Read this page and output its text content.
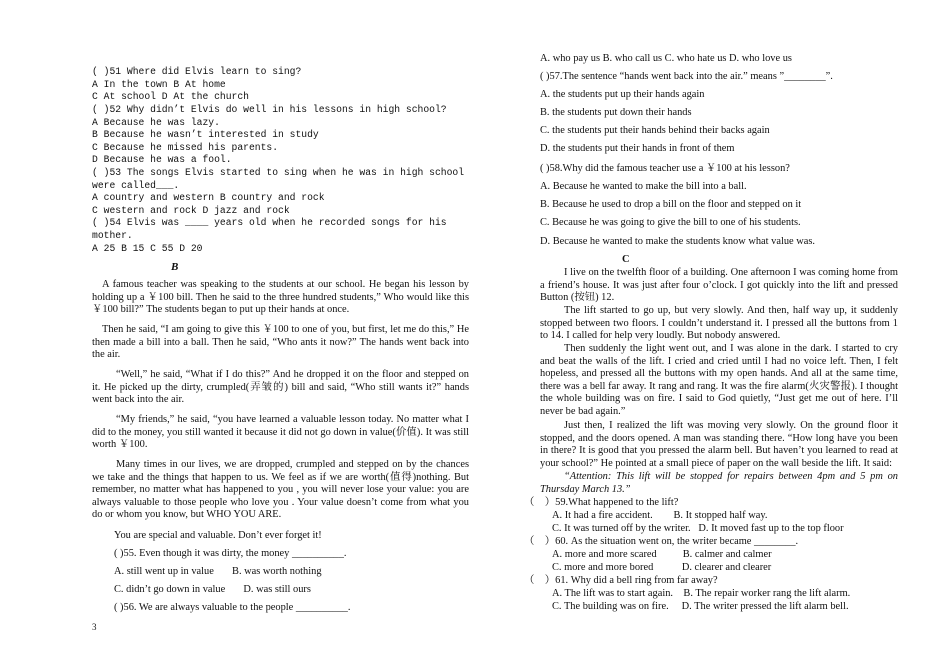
( )51 Where did Elvis learn to sing?
A In the town B At home
C At school D At the church
( )52 Why didn’t Elvis do well in his lessons in high school?
A Because he was lazy.
B Because he wasn’t interested in study
C Because he missed his parents.
D Because he was a fool.
( )53 The songs Elvis started to sing when he was in high school
were called___.
A country and western B country and rock
C western and rock D jazz and rock
( )54 Elvis was ____ years old when he recorded songs for his
mother.
A 25 B 15 C 55 D 20
B
A famous teacher was speaking to the students at our school. He began his lesson by holding up a ￥100 bill. Then he said to the three hundred students,” Who would like this ￥100 bill?” The students began to put up their hands at once.
Then he said, “I am going to give this ￥100 to one of you, but first, let me do this,” He then made a bill into a ball. Then he said, “Who ants it now?” The hands went back into the air.
“Well,” he said, “What if I do this?” And he dropped it on the floor and stepped on it. He picked up the dirty, crumpled(弄皱的) bill and said, “Who still wants it?” hands went back into the air.
“My friends,” he said, “you have learned a valuable lesson today. No matter what I did to the money, you still wanted it because it did not go down in value(价值). It was still worth ￥100.
Many times in our lives, we are dropped, crumpled and stepped on by the chances we take and the things that happen to us. We feel as if we are worth(值得)nothing. But remember, no matter what has happened to you , you will never lose your value: you are always valuable to those people who love you . Your value doesn’t come from what you do or whom you know, but WHO YOU ARE.
You are special and valuable. Don’t ever forget it!
( )55. Even though it was dirty, the money __________.
A. still went up in value       B. was worth nothing
C. didn’t go down in value       D. was still ours
( )56. We are always valuable to the people __________.
3
A. who pay us B. who call us C. who hate us D. who love us
( )57.The sentence “hands went back into the air.” means ”________”.
A. the students put up their hands again
B. the students put down their hands
C. the students put their hands behind their backs again
D. the students put their hands in front of them
( )58.Why did the famous teacher use a ￥100 at his lesson?
A. Because he wanted to make the bill into a ball.
B. Because he used to drop a bill on the floor and stepped on it
C. Because he was going to give the bill to one of his students.
D. Because he wanted to make the students know what value was.
C
I live on the twelfth floor of a building. One afternoon I was coming home from a friend’s house. It was just after four o’clock. I got quickly into the lift and pressed Button (按钮) 12.
The lift started to go up, but very slowly. And then, half way up, it suddenly stopped between two floors. I couldn’t understand it. I pressed all the buttons from 1 to 14. I called for help very loudly. But nobody answered.
Then suddenly the light went out, and I was alone in the dark. I started to cry and beat the walls of the lift. I cried and cried until I had no voice left. Then, I felt hopeless, and pressed all the buttons with my open hands. And all at the same time, there was a bell far away. It rang and rang. It was the fire alarm(火灾警报). I thought the whole building was on fire. I said to God quietly, “Just get me out of here. I’ll never be bad again.”
Just then, I realized the lift was moving very slowly. On the ground floor it stopped, and the doors opened. A man was standing there. “How long have you been in there? It is good that you pressed the alarm bell. But haven’t you learned to read at your school?” He pointed at a small piece of paper on the wall beside the lift. It said:
“Attention: This lift will be stopped for repairs between 4pm and 5 pm on Thursday March 13.”
（　）59.What happened to the lift?
A. It had a fire accident.        B. It stopped half way.
C. It was turned off by the writer.   D. It moved fast up to the top floor
（　）60. As the situation went on, the writer became ________.
A. more and more scared          B. calmer and calmer
C. more and more bored           D. clearer and clearer
（　）61. Why did a bell ring from far away?
A. The lift was to start again.    B. The repair worker rang the lift alarm.
C. The building was on fire.     D. The writer pressed the lift alarm bell.
